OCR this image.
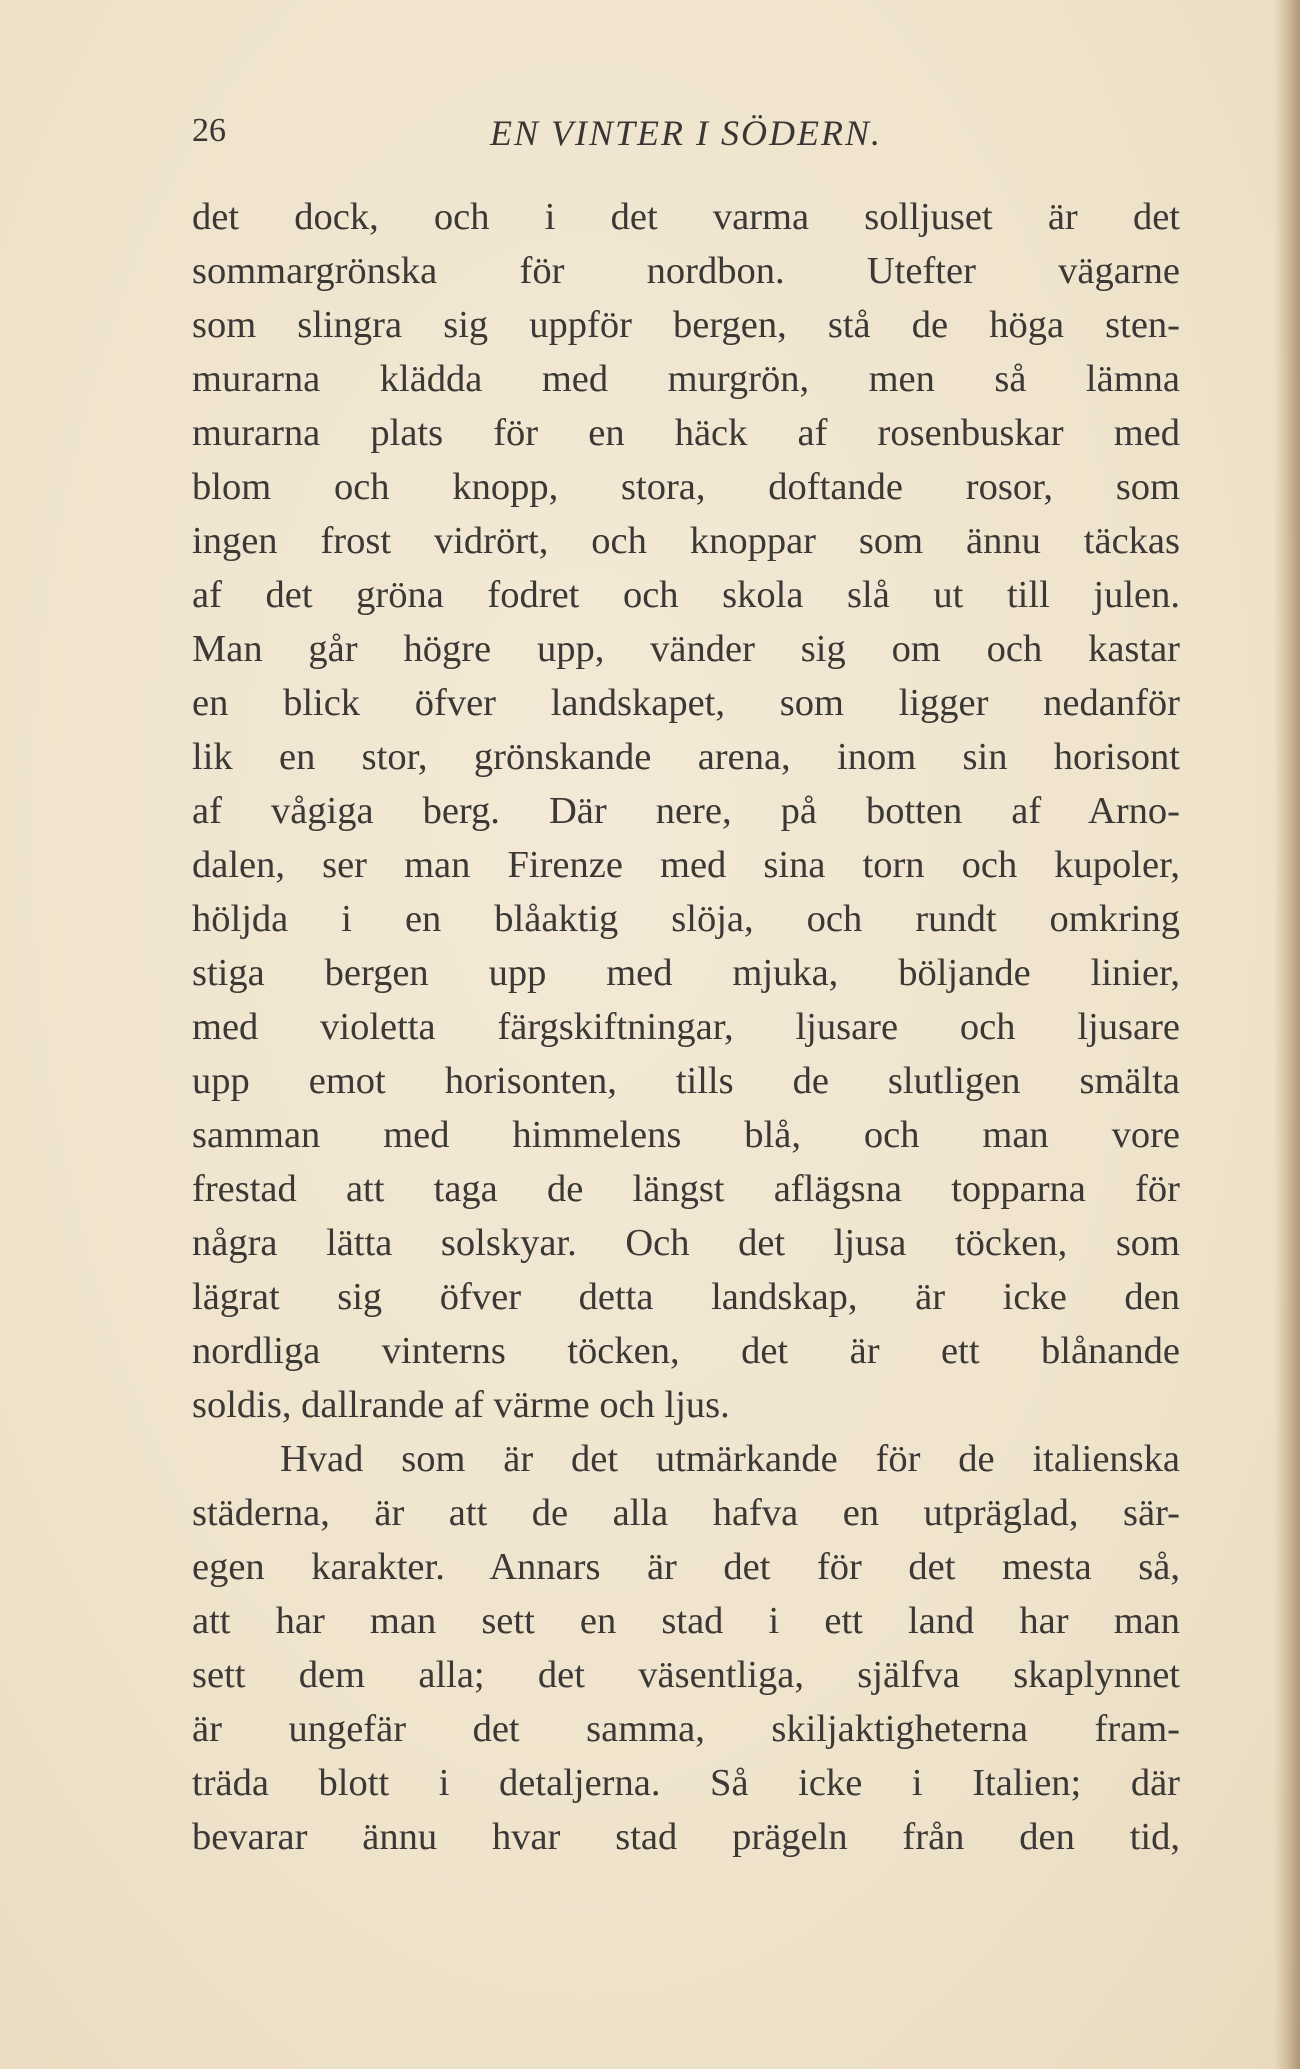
26	EN VINTER I SÖDERN.
det dock, och i det varma solljuset är det
sommargrönska för nordbon. Utefter vägarne
som slingra sig uppför bergen, stå de höga sten-
murarna klädda med murgrön, men så lämna
murarna plats för en häck af rosenbuskar med
blom och knopp, stora, doftande rosor, som
ingen frost vidrört, och knoppar som ännu täckas
af det gröna fodret och skola slå ut till julen.
Man går högre upp, vänder sig om och kastar
en blick öfver landskapet, som ligger nedanför
lik en stor, grönskande arena, inom sin horisont
af vågiga berg. Där nere, på botten af Arno-
dalen, ser man Firenze med sina torn och kupoler,
höljda i en blåaktig slöja, och rundt omkring
stiga bergen upp med mjuka, böljande linier,
med violetta färgskiftningar, ljusare och ljusare
upp emot horisonten, tills de slutligen smälta
samman med himmelens blå, och man vore
frestad att taga de längst aflägsna topparna för
några lätta solskyar. Och det ljusa töcken, som
lägrat sig öfver detta landskap, är icke den
nordliga vinterns töcken, det är ett blånande
soldis, dallrande af värme och ljus.
Hvad som är det utmärkande för de italienska
städerna, är att de alla hafva en utpräglad, sär-
egen karakter. Annars är det för det mesta så,
att har man sett en stad i ett land har man
sett dem alla; det väsentliga, själfva skaplynnet
är ungefär det samma, skiljaktigheterna fram-
träda blott i detaljerna. Så icke i Italien; där
bevarar ännu hvar stad prägeln från den tid,
